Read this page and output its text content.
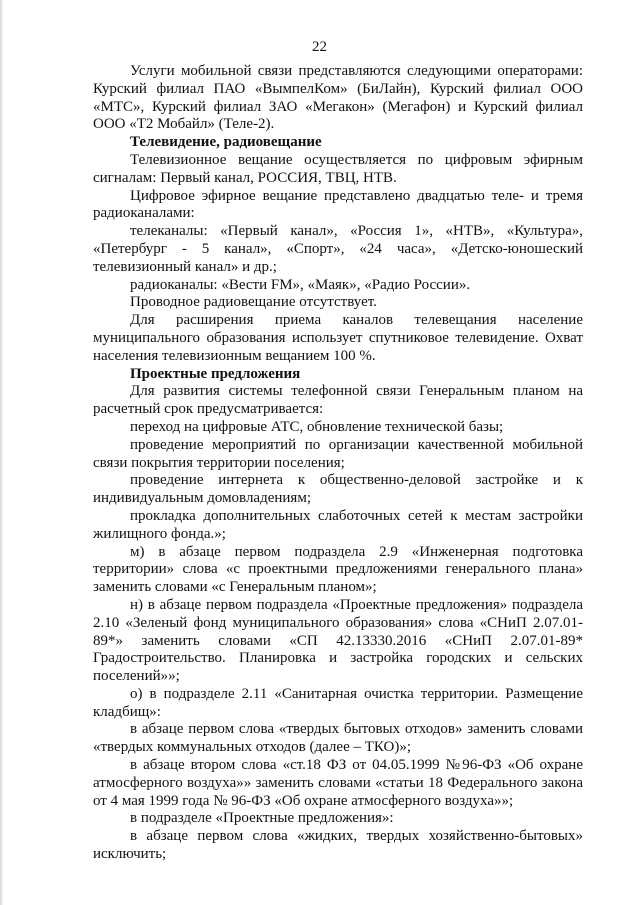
22

Услуги мобильной связи представляются следующими операторами: Курский филиал ПАО «ВымпелКом» (БиЛайн), Курский филиал ООО «МТС», Курский филиал ЗАО «Мегакон» (Мегафон) и Курский филиал ООО «Т2 Мобайл» (Теле-2).

Телевидение, радиовещание

Телевизионное вещание осуществляется по цифровым эфирным сигналам: Первый канал, РОССИЯ, ТВЦ, НТВ.

Цифровое эфирное вещание представлено двадцатью теле- и тремя радиоканалами:

телеканалы: «Первый канал», «Россия 1», «НТВ», «Культура», «Петербург - 5 канал», «Спорт», «24 часа», «Детско-юношеский телевизионный канал» и др.;

радиоканалы: «Вести FM», «Маяк», «Радио России».

Проводное радиовещание отсутствует.

Для расширения приема каналов телевещания население муниципального образования использует спутниковое телевидение. Охват населения телевизионным вещанием 100 %.

Проектные предложения

Для развития системы телефонной связи Генеральным планом на расчетный срок предусматривается:

переход на цифровые АТС, обновление технической базы;

проведение мероприятий по организации качественной мобильной связи покрытия территории поселения;

проведение интернета к общественно-деловой застройке и к индивидуальным домовладениям;

прокладка дополнительных слаботочных сетей к местам застройки жилищного фонда.»;

м) в абзаце первом подраздела 2.9 «Инженерная подготовка территории» слова «с проектными предложениями генерального плана» заменить словами «с Генеральным планом»;

н) в абзаце первом подраздела «Проектные предложения» подраздела 2.10 «Зеленый фонд муниципального образования» слова «СНиП 2.07.01-89*» заменить словами «СП 42.13330.2016 «СНиП 2.07.01-89* Градостроительство. Планировка и застройка городских и сельских поселений»»;

о) в подразделе 2.11 «Санитарная очистка территории. Размещение кладбищ»:

в абзаце первом слова «твердых бытовых отходов» заменить словами «твердых коммунальных отходов (далее – ТКО)»;

в абзаце втором слова «ст.18 ФЗ от 04.05.1999 №96-ФЗ «Об охране атмосферного воздуха»» заменить словами «статьи 18 Федерального закона от 4 мая 1999 года № 96-ФЗ «Об охране атмосферного воздуха»»;

в подразделе «Проектные предложения»:

в абзаце первом слова «жидких, твердых хозяйственно-бытовых» исключить;
